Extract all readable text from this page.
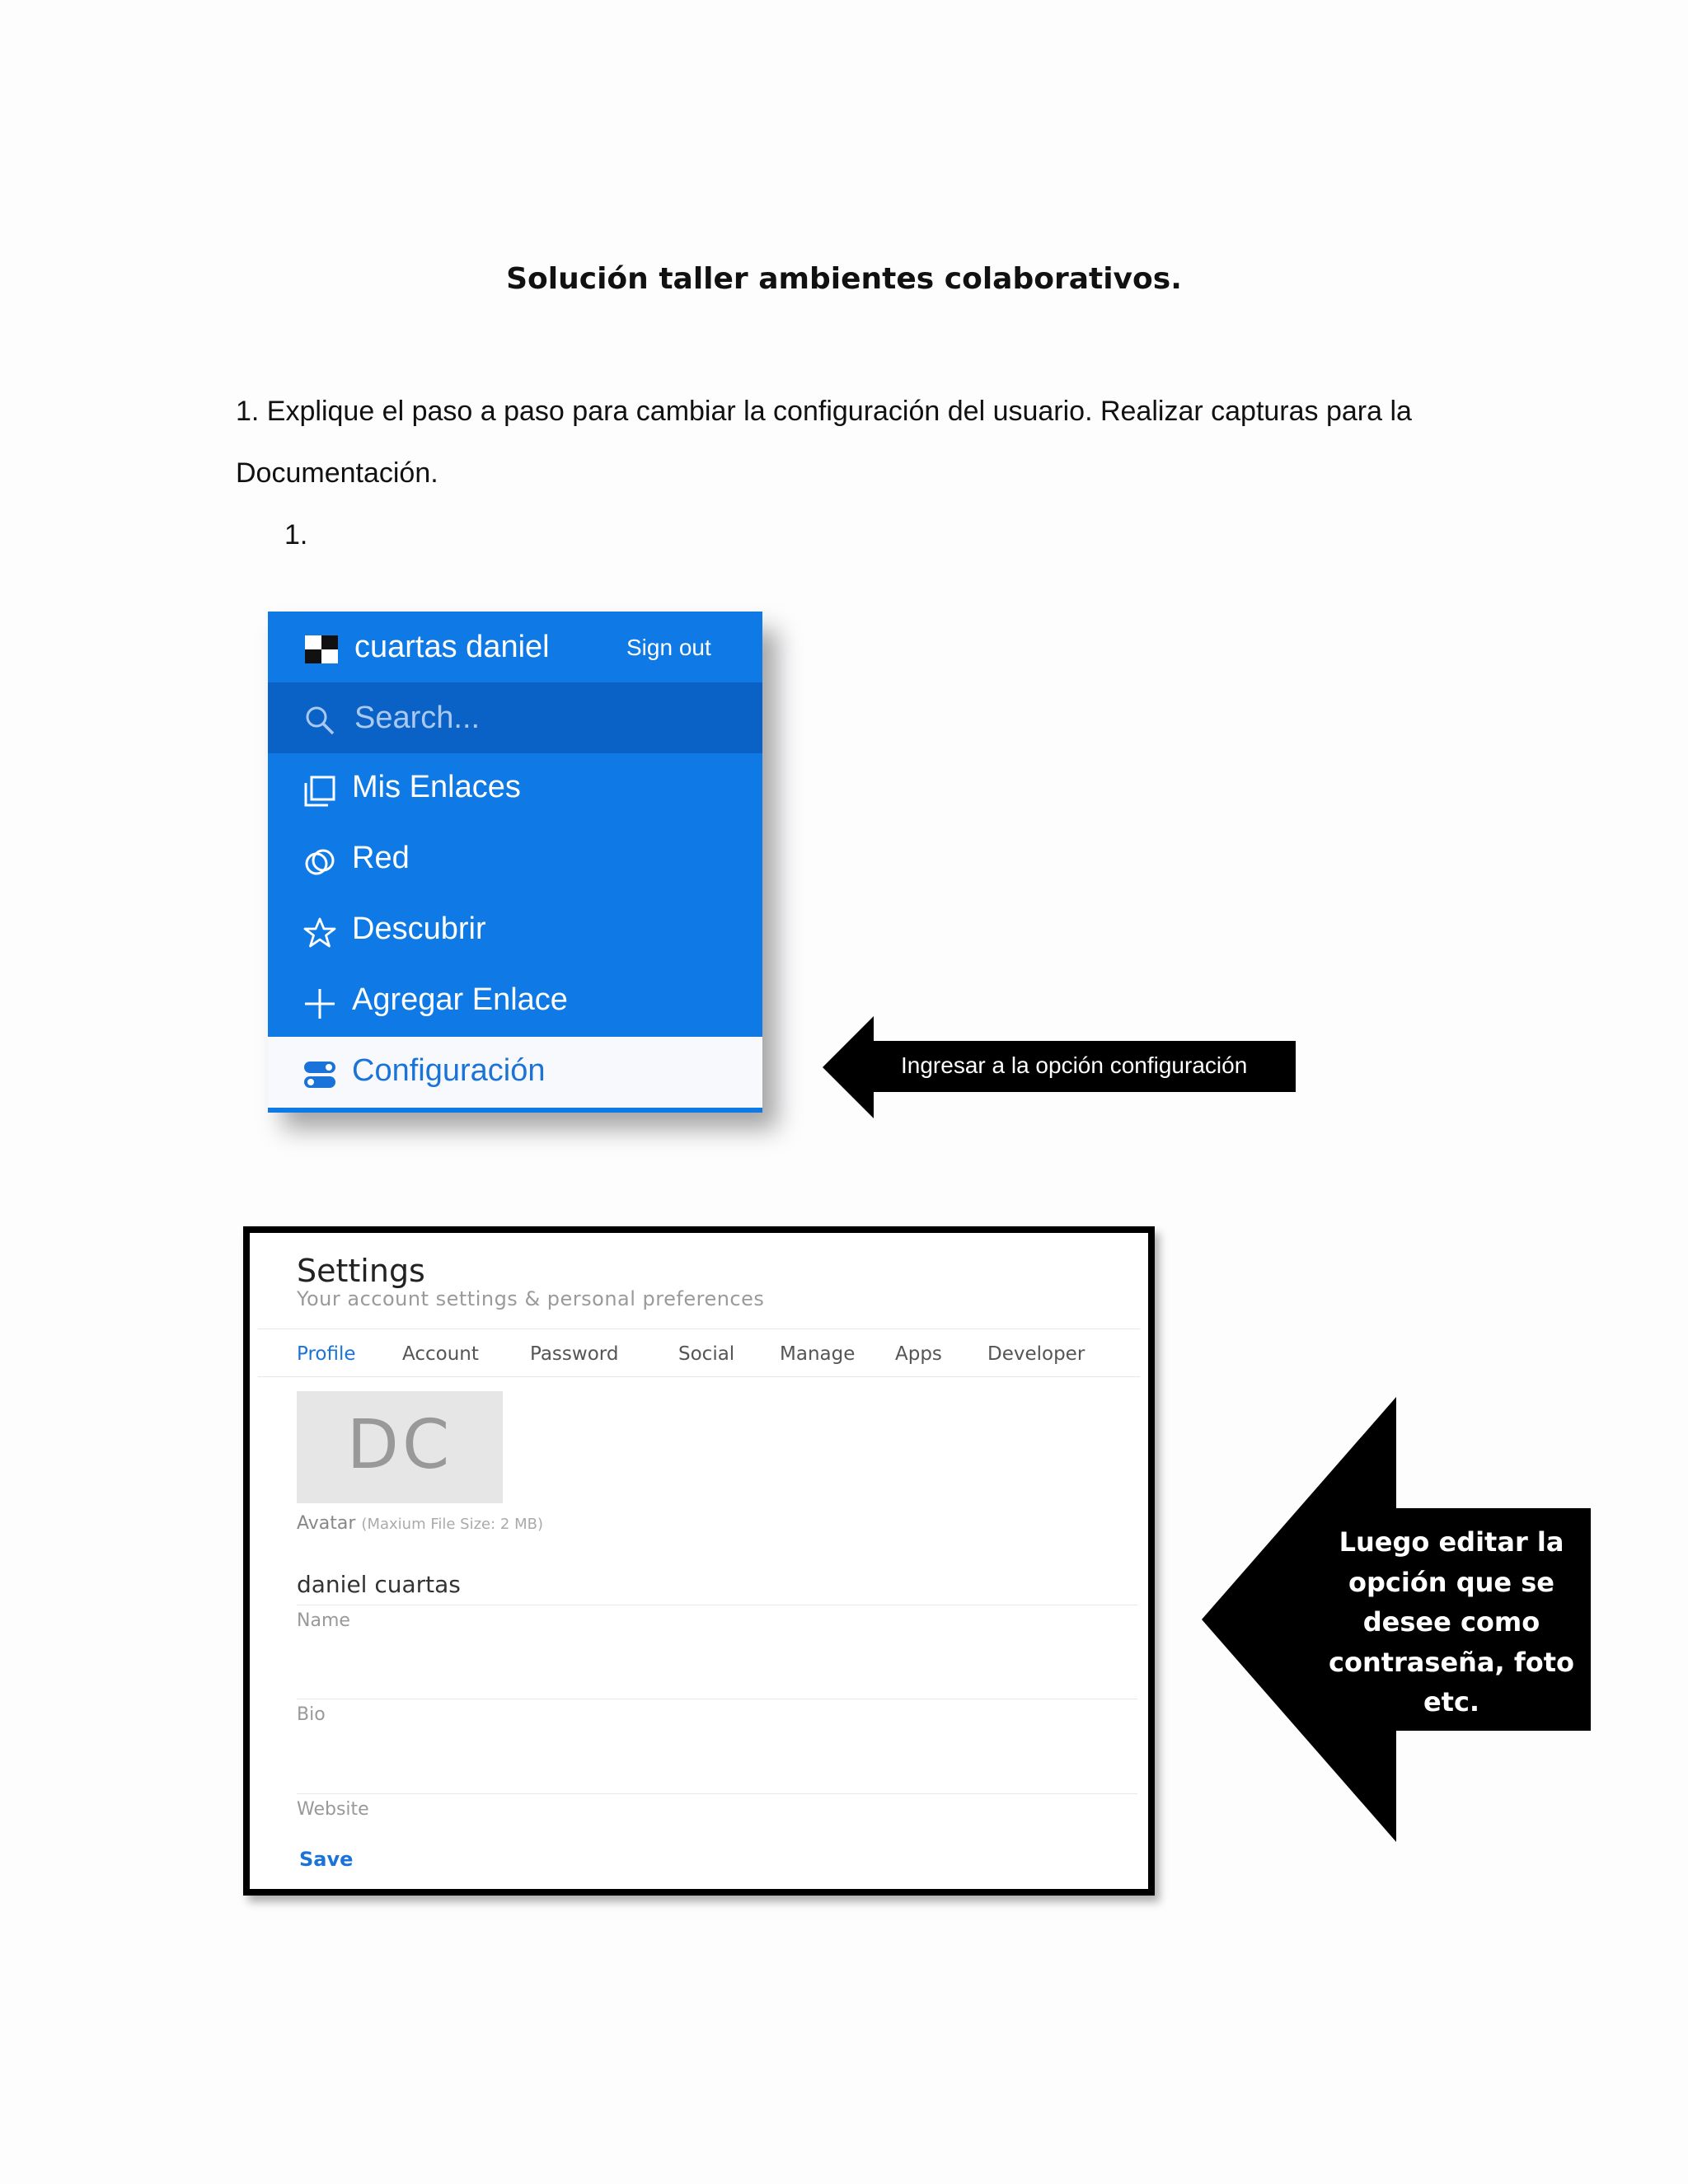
Solución taller ambientes colaborativos.
1. Explique el paso a paso para cambiar la configuración del usuario. Realizar capturas para la
Documentación.
1.
cuartas daniel	Sign out
Search...
Mis Enlaces
Red
Descubrir
Agregar Enlace
Configuración	Ingresar a la opción configuración
Settings
Your account settings & personal preferences
Profile Account	Password	Social Manage Apps Developer
DC
Avatar (Maxium File Size: 2 MB)
daniel cuartas
Name
Bio
Website
Save
Luego editar la
opción que se
desee como
contraseña, foto
etc.
